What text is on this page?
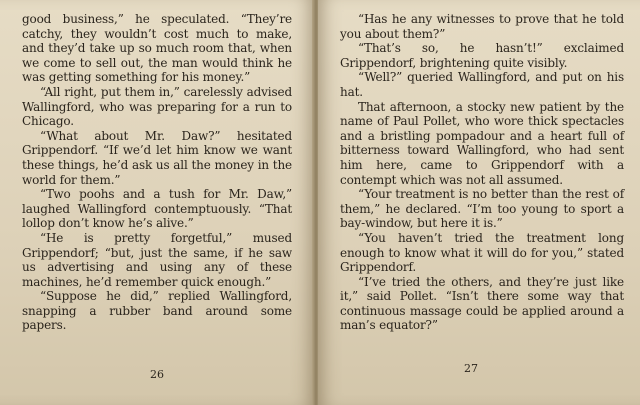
good business,” he speculated. “They’re catchy, they wouldn’t cost much to make, and they’d take up so much room that, when we come to sell out, the man would think he was getting something for his money.”

“All right, put them in,” carelessly advised Wallingford, who was preparing for a run to Chicago.

“What about Mr. Daw?” hesitated Grippendorf. “If we’d let him know we want these things, he’d ask us all the money in the world for them.”

“Two poohs and a tush for Mr. Daw,” laughed Wallingford contemptuously. “That lollop don’t know he’s alive.”

“He is pretty forgetful,” mused Grippendorf; “but, just the same, if he saw us advertising and using any of these machines, he’d remember quick enough.”

“Suppose he did,” replied Wallingford, snapping a rubber band around some papers.

26

“Has he any witnesses to prove that he told you about them?”

“That’s so, he hasn’t!” exclaimed Grippendorf, brightening quite visibly.

“Well?” queried Wallingford, and put on his hat.

That afternoon, a stocky new patient by the name of Paul Pollet, who wore thick spectacles and a bristling pompadour and a heart full of bitterness toward Wallingford, who had sent him here, came to Grippendorf with a contempt which was not all assumed.

“Your treatment is no better than the rest of them,” he declared. “I’m too young to sport a bay-window, but here it is.”

“You haven’t tried the treatment long enough to know what it will do for you,” stated Grippendorf.

“I’ve tried the others, and they’re just like it,” said Pollet. “Isn’t there some way that continuous massage could be applied around a man’s equator?”

27
